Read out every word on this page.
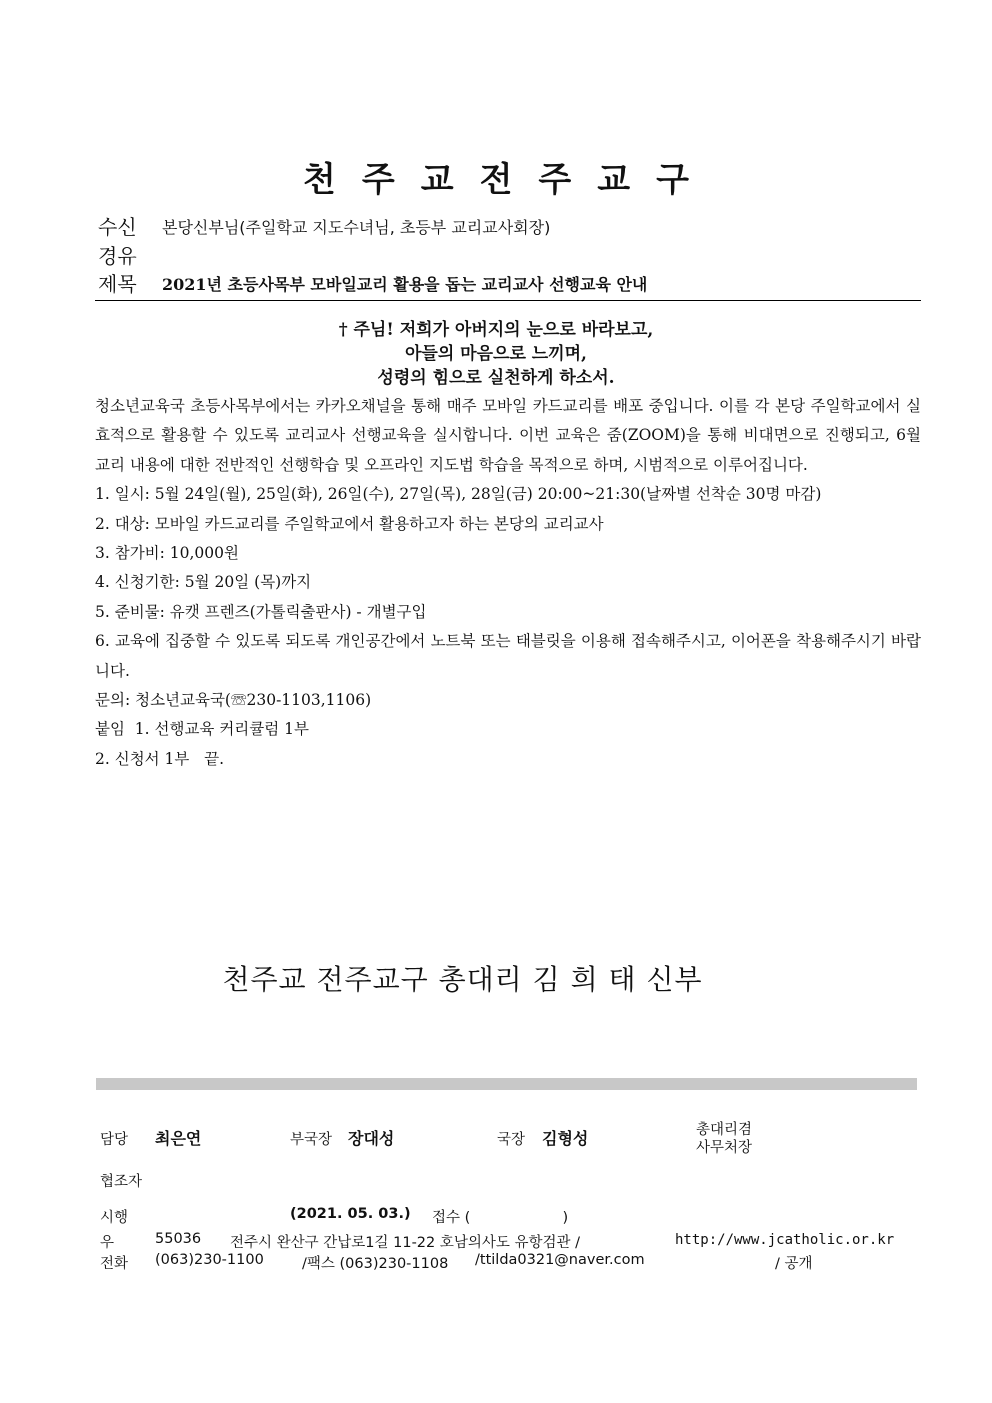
천주교전주교구
수신 본당신부님(주일학교 지도수녀님, 초등부 교리교사회장)
경유
제목 2021년 초등사목부 모바일교리 활용을 돕는 교리교사 선행교육 안내
† 주님! 저희가 아버지의 눈으로 바라보고,
아들의 마음으로 느끼며,
성령의 힘으로 실천하게 하소서.

청소년교육국 초등사목부에서는 카카오채널을 통해 매주 모바일 카드교리를 배포 중입니다. 이를 각 본당 주일학교에서 실효적으로 활용할 수 있도록 교리교사 선행교육을 실시합니다. 이번 교육은 줌(ZOOM)을 통해 비대면으로 진행되고, 6월 교리 내용에 대한 전반적인 선행학습 및 오프라인 지도법 학습을 목적으로 하며, 시범적으로 이루어집니다.

1. 일시: 5월 24일(월), 25일(화), 26일(수), 27일(목), 28일(금) 20:00~21:30(날짜별 선착순 30명 마감)

2. 대상: 모바일 카드교리를 주일학교에서 활용하고자 하는 본당의 교리교사

3. 참가비: 10,000원

4. 신청기한: 5월 20일 (목)까지

5. 준비물: 유캣 프렌즈(가톨릭출판사) - 개별구입

6. 교육에 집중할 수 있도록 되도록 개인공간에서 노트북 또는 태블릿을 이용해 접속해주시고, 이어폰을 착용해주시기 바랍니다.

문의: 청소년교육국(☏230-1103,1106)

붙임  1. 선행교육 커리큘럼 1부

2. 신청서 1부   끝.

천주교 전주교구 총대리 김 희 태 신부
담당 최은연	부국장 장대성	국장 김형성	총대리겸
사무처장
협조자
시행	(2021. 05. 03.) 접수 (                    )
우	55036 전주시 완산구 간납로1길 11-22 호남의사도 유항검관 /	http://www.jcatholic.or.kr
전화 (063)230-1100	/팩스 (063)230-1108 /ttilda0321@naver.com	/ 공개
